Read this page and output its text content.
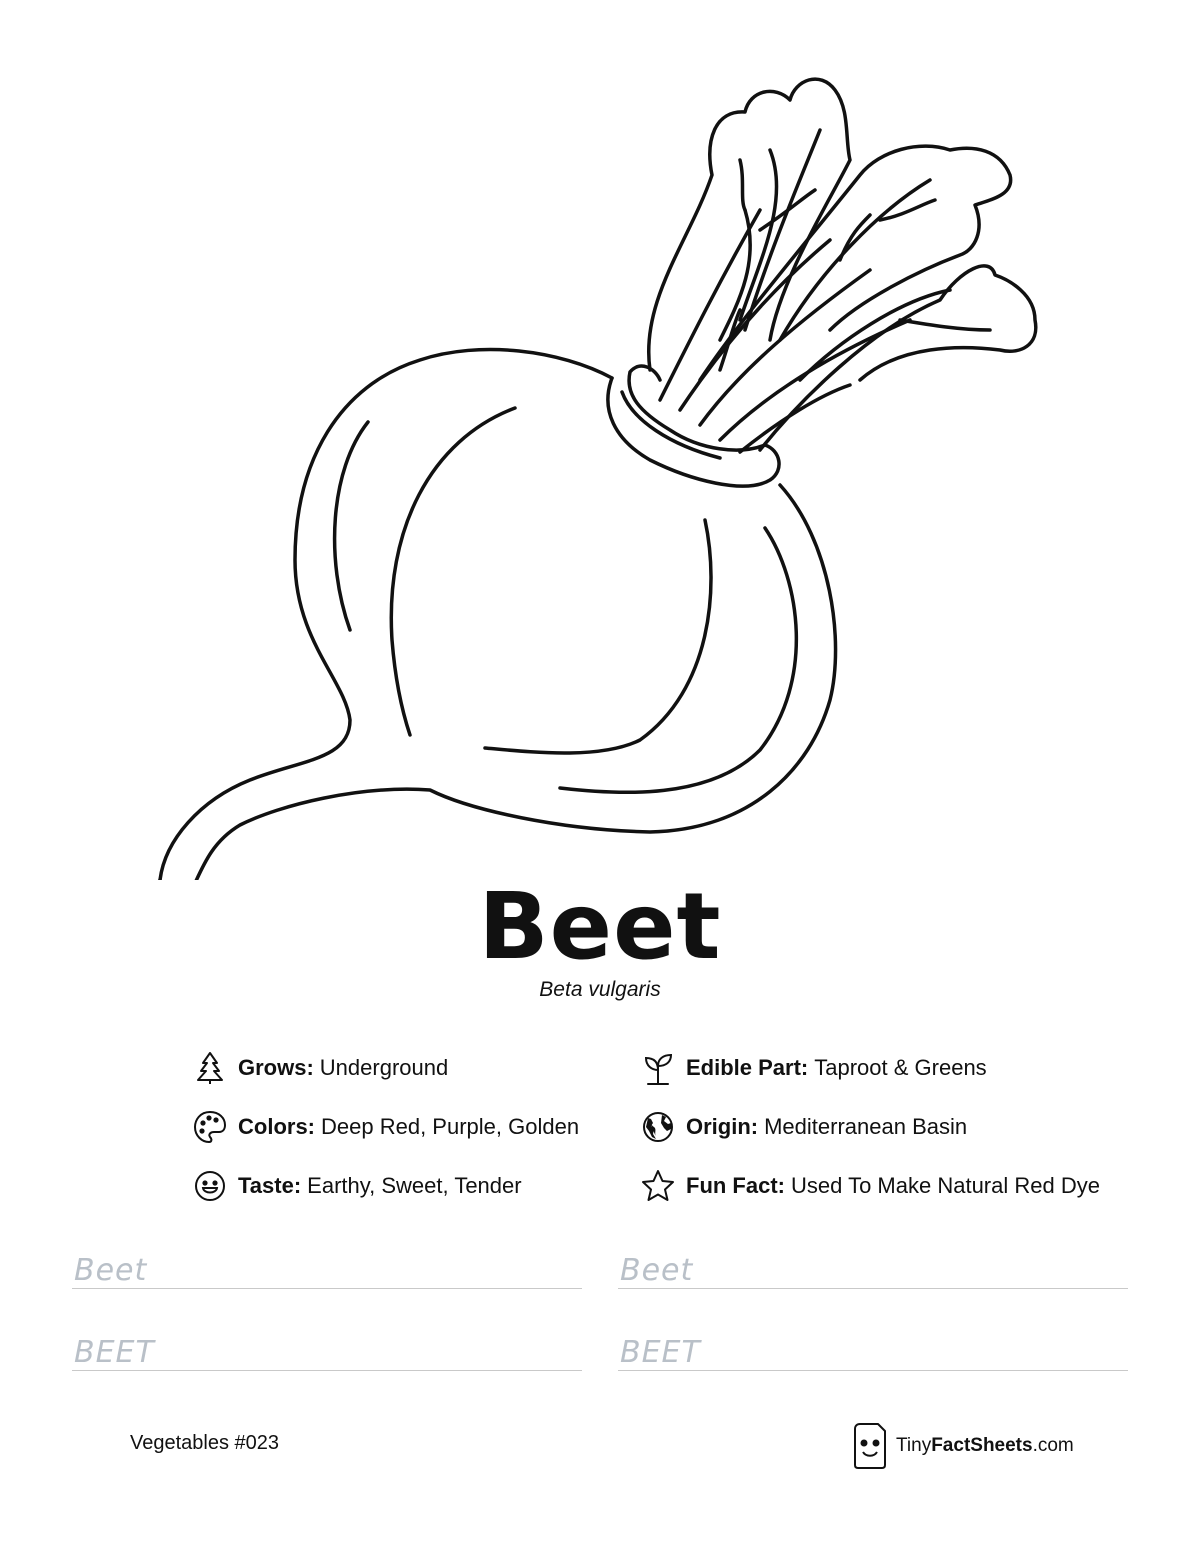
Beet
Beta vulgaris
Grows: Underground	Edible Part: Taproot & Greens
Colors: Deep Red, Purple, Golden	Origin: Mediterranean Basin
Taste: Earthy, Sweet, Tender	Fun Fact: Used To Make Natural Red Dye
Beet	Beet
BEET	BEET
Vegetables #023	Tiny FactSheets .com
